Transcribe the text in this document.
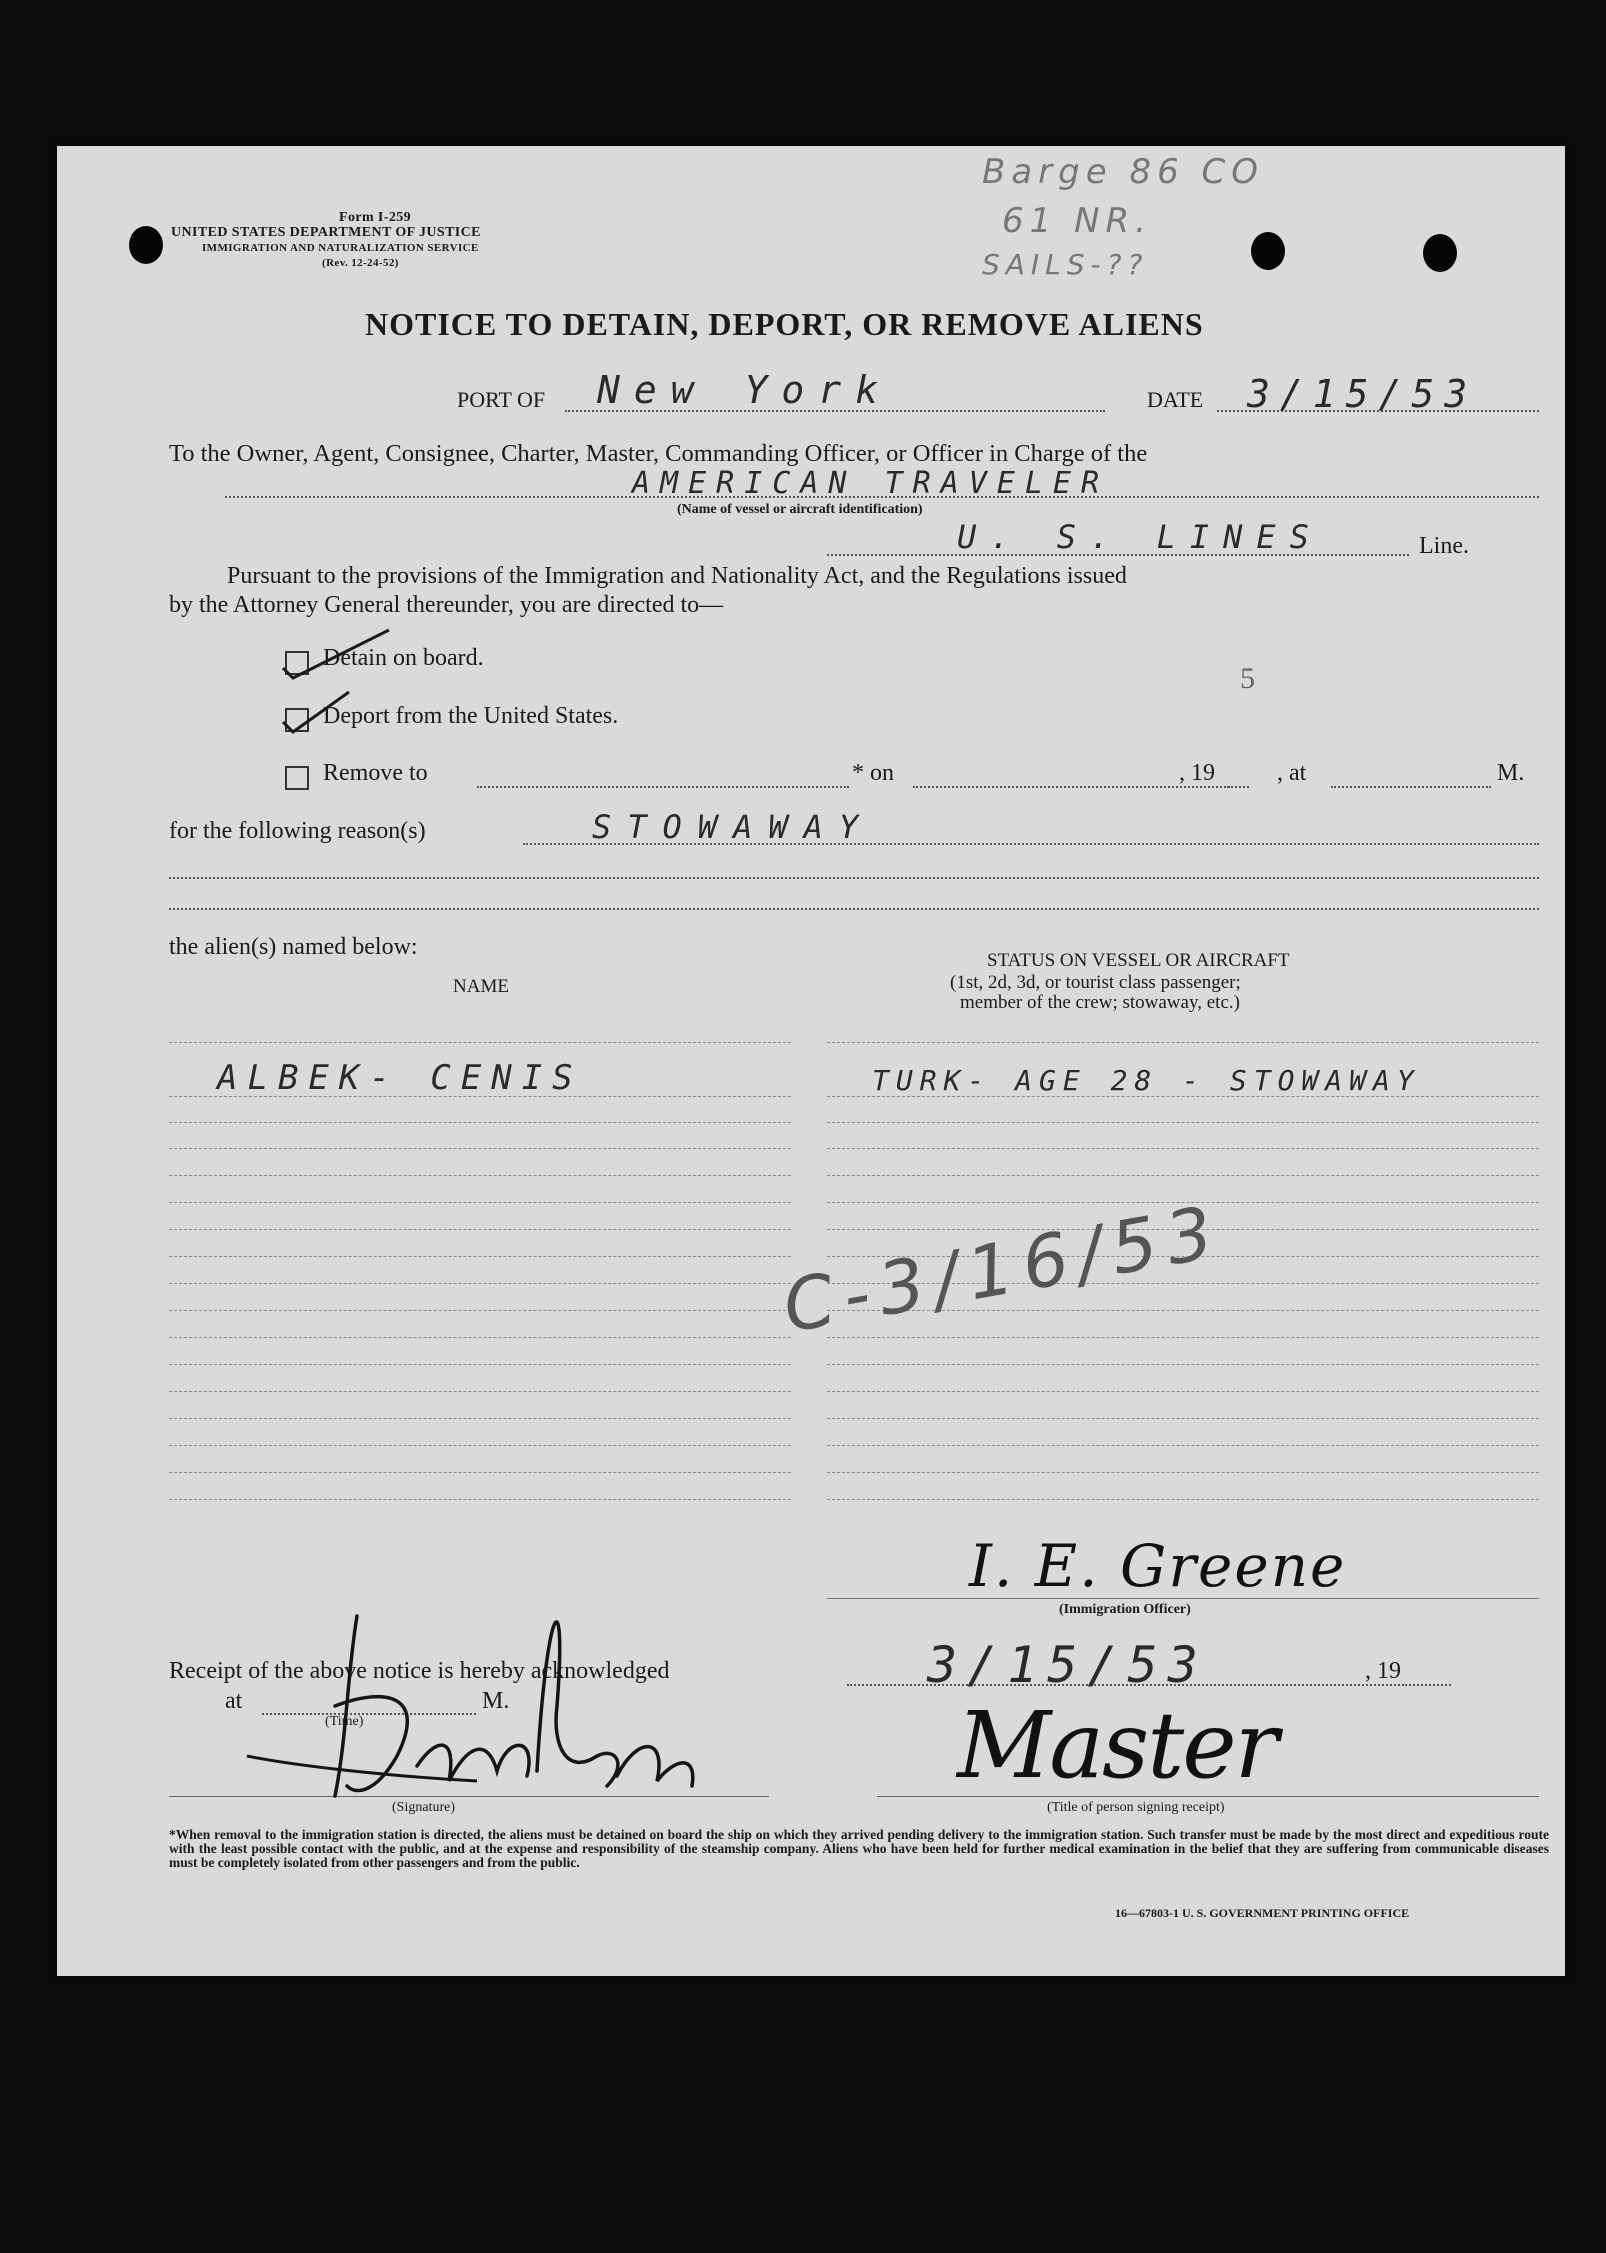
Form I-259
UNITED STATES DEPARTMENT OF JUSTICE
IMMIGRATION AND NATURALIZATION SERVICE
(Rev. 12-24-52)
Barge 86 CO
61 NR.
SAILS-??
NOTICE TO DETAIN, DEPORT, OR REMOVE ALIENS
PORT OF New York	DATE 3/15/53
To the Owner, Agent, Consignee, Charter, Master, Commanding Officer, or Officer in Charge of the
AMERICAN TRAVELER
(Name of vessel or aircraft identification)
U. S. LINES	Line.
Pursuant to the provisions of the Immigration and Nationality Act, and the Regulations issued
by the Attorney General thereunder, you are directed to—
Detain on board.
Deport from the United States.
5
Remove to	* on	, 19	, at	M.
for the following reason(s)	STOWAWAY
the alien(s) named below:
NAME
STATUS ON VESSEL OR AIRCRAFT
(1st, 2d, 3d, or tourist class passenger;
member of the crew; stowaway, etc.)
ALBEK- CENIS	TURK- AGE 28 - STOWAWAY
C-3/16/53
I. E. Greene
(Immigration Officer)
Receipt of the above notice is hereby acknowledged	3/15/53	, 19
at
(Time)
M.
(Signature)
Master
(Title of person signing receipt)
*When removal to the immigration station is directed, the aliens must be detained on board the ship on which they arrived pending delivery to the immigration station. Such transfer must be made by the most direct and expeditious route with the least possible contact with the public, and at the expense and responsibility of the steamship company. Aliens who have been held for further medical examination in the belief that they are suffering from communicable diseases must be completely isolated from other passengers and from the public.
16—67803-1 U. S. GOVERNMENT PRINTING OFFICE
